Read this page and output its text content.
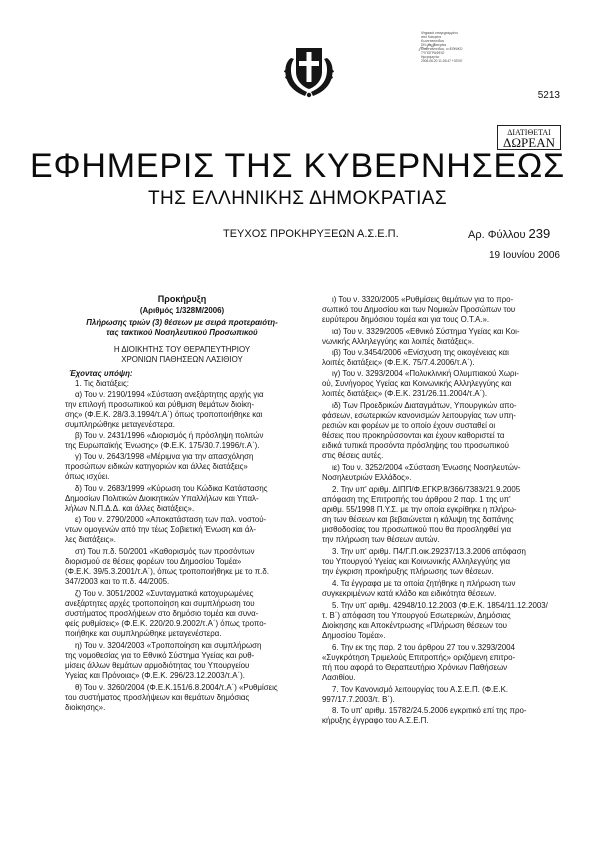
Ψηφιακά υπογεγραμμένο
από Kατερίνα
Kωνσταντινίδου
DN: cn=Kατερίνα
Kωνσταντινίδου, o=ΕΘΝΙΚΟ
ΤΥΠΟΓΡΑΦΕΙΟ
Ημερομηνία:
2006.06.20 11:26:47 +03'00'
5213
ΔΙΑΤΙΘΕΤΑΙ
ΔΩΡΕΑΝ
ΕΦΗΜΕΡΙΣ ΤΗΣ ΚΥΒΕΡΝΗΣΕΩΣ
ΤΗΣ ΕΛΛΗΝΙΚΗΣ ΔΗΜΟΚΡΑΤΙΑΣ
ΤΕΥΧΟΣ ΠΡΟΚΗΡΥΞΕΩΝ Α.Σ.Ε.Π.	Αρ. Φύλλου 239
19 Ιουνίου 2006
Προκήρυξη
(Αριθμός 1/328Μ/2006)
Πλήρωσης τριών (3) θέσεων με σειρά προτεραιότη-
τας τακτικού Νοσηλευτικού Προσωπικού
Η ΔΙΟΙΚΗΤΗΣ ΤΟΥ ΘΕΡΑΠΕΥΤΗΡΙΟΥ
ΧΡΟΝΙΩΝ ΠΑΘΗΣΕΩΝ ΛΑΣΙΘΙΟΥ
Έχοντας υπόψη:
1. Τις διατάξεις:
α) Του ν. 2190/1994 «Σύσταση ανεξάρτητης αρχής για
την επιλογή προσωπικού και ρύθμιση θεμάτων διοίκη-
σης» (Φ.Ε.Κ. 28/3.3.1994/τ.Α΄) όπως τροποποιήθηκε και
συμπληρώθηκε μεταγενέστερα.
β) Του ν. 2431/1996 «Διορισμός ή πρόσληψη πολιτών
της Ευρωπαϊκής Ένωσης» (Φ.Ε.Κ. 175/30.7.1996/τ.Α΄).
γ) Του ν. 2643/1998 «Μέριμνα για την απασχόληση
προσώπων ειδικών κατηγοριών και άλλες διατάξεις»
όπως ισχύει.
δ) Του ν. 2683/1999 «Κύρωση του Κώδικα Κατάστασης
Δημοσίων Πολιτικών Διοικητικών Υπαλλήλων και Υπαλ-
λήλων Ν.Π.Δ.Δ. και άλλες διατάξεις».
ε) Του ν. 2790/2000 «Αποκατάσταση των παλ. νοστού-
ντων ομογενών από την τέως Σοβιετική Ένωση και άλ-
λες διατάξεις».
στ) Του π.δ. 50/2001 «Καθορισμός των προσόντων
διορισμού σε θέσεις φορέων του Δημοσίου Τομέα»
(Φ.Ε.Κ. 39/5.3.2001/τ.Α΄), όπως τροποποιήθηκε με το π.δ.
347/2003 και το π.δ. 44/2005.
ζ) Του ν. 3051/2002 «Συνταγματικά κατοχυρωμένες
ανεξάρτητες αρχές τροποποίηση και συμπλήρωση του
συστήματος προσλήψεων στο δημόσιο τομέα και συνα-
φείς ρυθμίσεις» (Φ.Ε.Κ. 220/20.9.2002/τ.Α΄) όπως τροπο-
ποιήθηκε και συμπληρώθηκε μεταγενέστερα.
η) Του ν. 3204/2003 «Τροποποίηση και συμπλήρωση
της νομοθεσίας για το Εθνικό Σύστημα Υγείας και ρυθ-
μίσεις άλλων θεμάτων αρμοδιότητας του Υπουργείου
Υγείας και Πρόνοιας» (Φ.Ε.Κ. 296/23.12.2003/τ.Α΄).
θ) Του ν. 3260/2004 (Φ.Ε.Κ.151/6.8.2004/τ.Α΄) «Ρυθμίσεις
του συστήματος προσλήψεων και θεμάτων δημόσιας
διοίκησης».
ι) Του ν. 3320/2005 «Ρυθμίσεις θεμάτων για το προ-
σωπικό του Δημοσίου και των Νομικών Προσώπων του
ευρύτερου δημόσιου τομέα και για τους Ο.Τ.Α.».
ια) Του ν. 3329/2005 «Εθνικό Σύστημα Υγείας και Κοι-
νωνικής Αλληλεγγύης και λοιπές διατάξεις».
ιβ) Του ν.3454/2006 «Ενίσχυση της οικογένειας και
λοιπές διατάξεις» (Φ.Ε.Κ. 75/7.4.2006/τ.Α΄).
ιγ) Του ν. 3293/2004 «Πολυκλινική Ολυμπιακού Χωρι-
ού, Συνήγορος Υγείας και Κοινωνικής Αλληλεγγύης και
λοιπές διατάξεις» (Φ.Ε.Κ. 231/26.11.2004/τ.Α΄).
ιδ) Των Προεδρικών Διαταγμάτων, Υπουργικών απο-
φάσεων, εσωτερικών κανονισμών λειτουργίας των υπη-
ρεσιών και φορέων με το οποίο έχουν συσταθεί οι
θέσεις που προκηρύσσονται και έχουν καθοριστεί τα
ειδικά τυπικά προσόντα πρόσληψης του προσωπικού
στις θέσεις αυτές.
ιε) Του ν. 3252/2004 «Σύσταση Ένωσης Νοσηλευτών-
Νοσηλευτριών Ελλάδος».
2. Την υπ' αριθμ. ΔΙΠΠ/Φ.ΕΓΚΡ.8/366/7383/21.9.2005
απόφαση της Επιτροπής του άρθρου 2 παρ. 1 της υπ'
αριθμ. 55/1998 Π.Υ.Σ. με την οποία εγκρίθηκε η πλήρω-
ση των θέσεων και βεβαιώνεται η κάλυψη της δαπάνης
μισθοδοσίας του προσωπικού που θα προσληφθεί για
την πλήρωση των θέσεων αυτών.
3. Την υπ' αριθμ. Π4/Γ.Π.οικ.29237/13.3.2006 απόφαση
του Υπουργού Υγείας και Κοινωνικής Αλληλεγγύης για
την έγκριση προκήρυξης πλήρωσης των θέσεων.
4. Τα έγγραφα με τα οποία ζητήθηκε η πλήρωση των
συγκεκριμένων κατά κλάδο και ειδικότητα θέσεων.
5. Την υπ' αριθμ. 42948/10.12.2003 (Φ.Ε.Κ. 1854/11.12.2003/
τ. Β΄) απόφαση του Υπουργού Εσωτερικών, Δημόσιας
Διοίκησης και Αποκέντρωσης «Πλήρωση θέσεων του
Δημοσίου Τομέα».
6. Την εκ της παρ. 2 του άρθρου 27 του ν.3293/2004
«Συγκρότηση Τριμελούς Επιτροπής» οριζόμενη επιτρο-
πή που αφορά το Θεραπευτήριο Χρόνιων Παθήσεων
Λασιθίου.
7. Τον Κανονισμό λειτουργίας του Α.Σ.Ε.Π. (Φ.Ε.Κ.
997/17.7.2003/τ. Β΄).
8. Το υπ' αριθμ. 15782/24.5.2006 εγκριτικό επί της προ-
κήρυξης έγγραφο του Α.Σ.Ε.Π.
